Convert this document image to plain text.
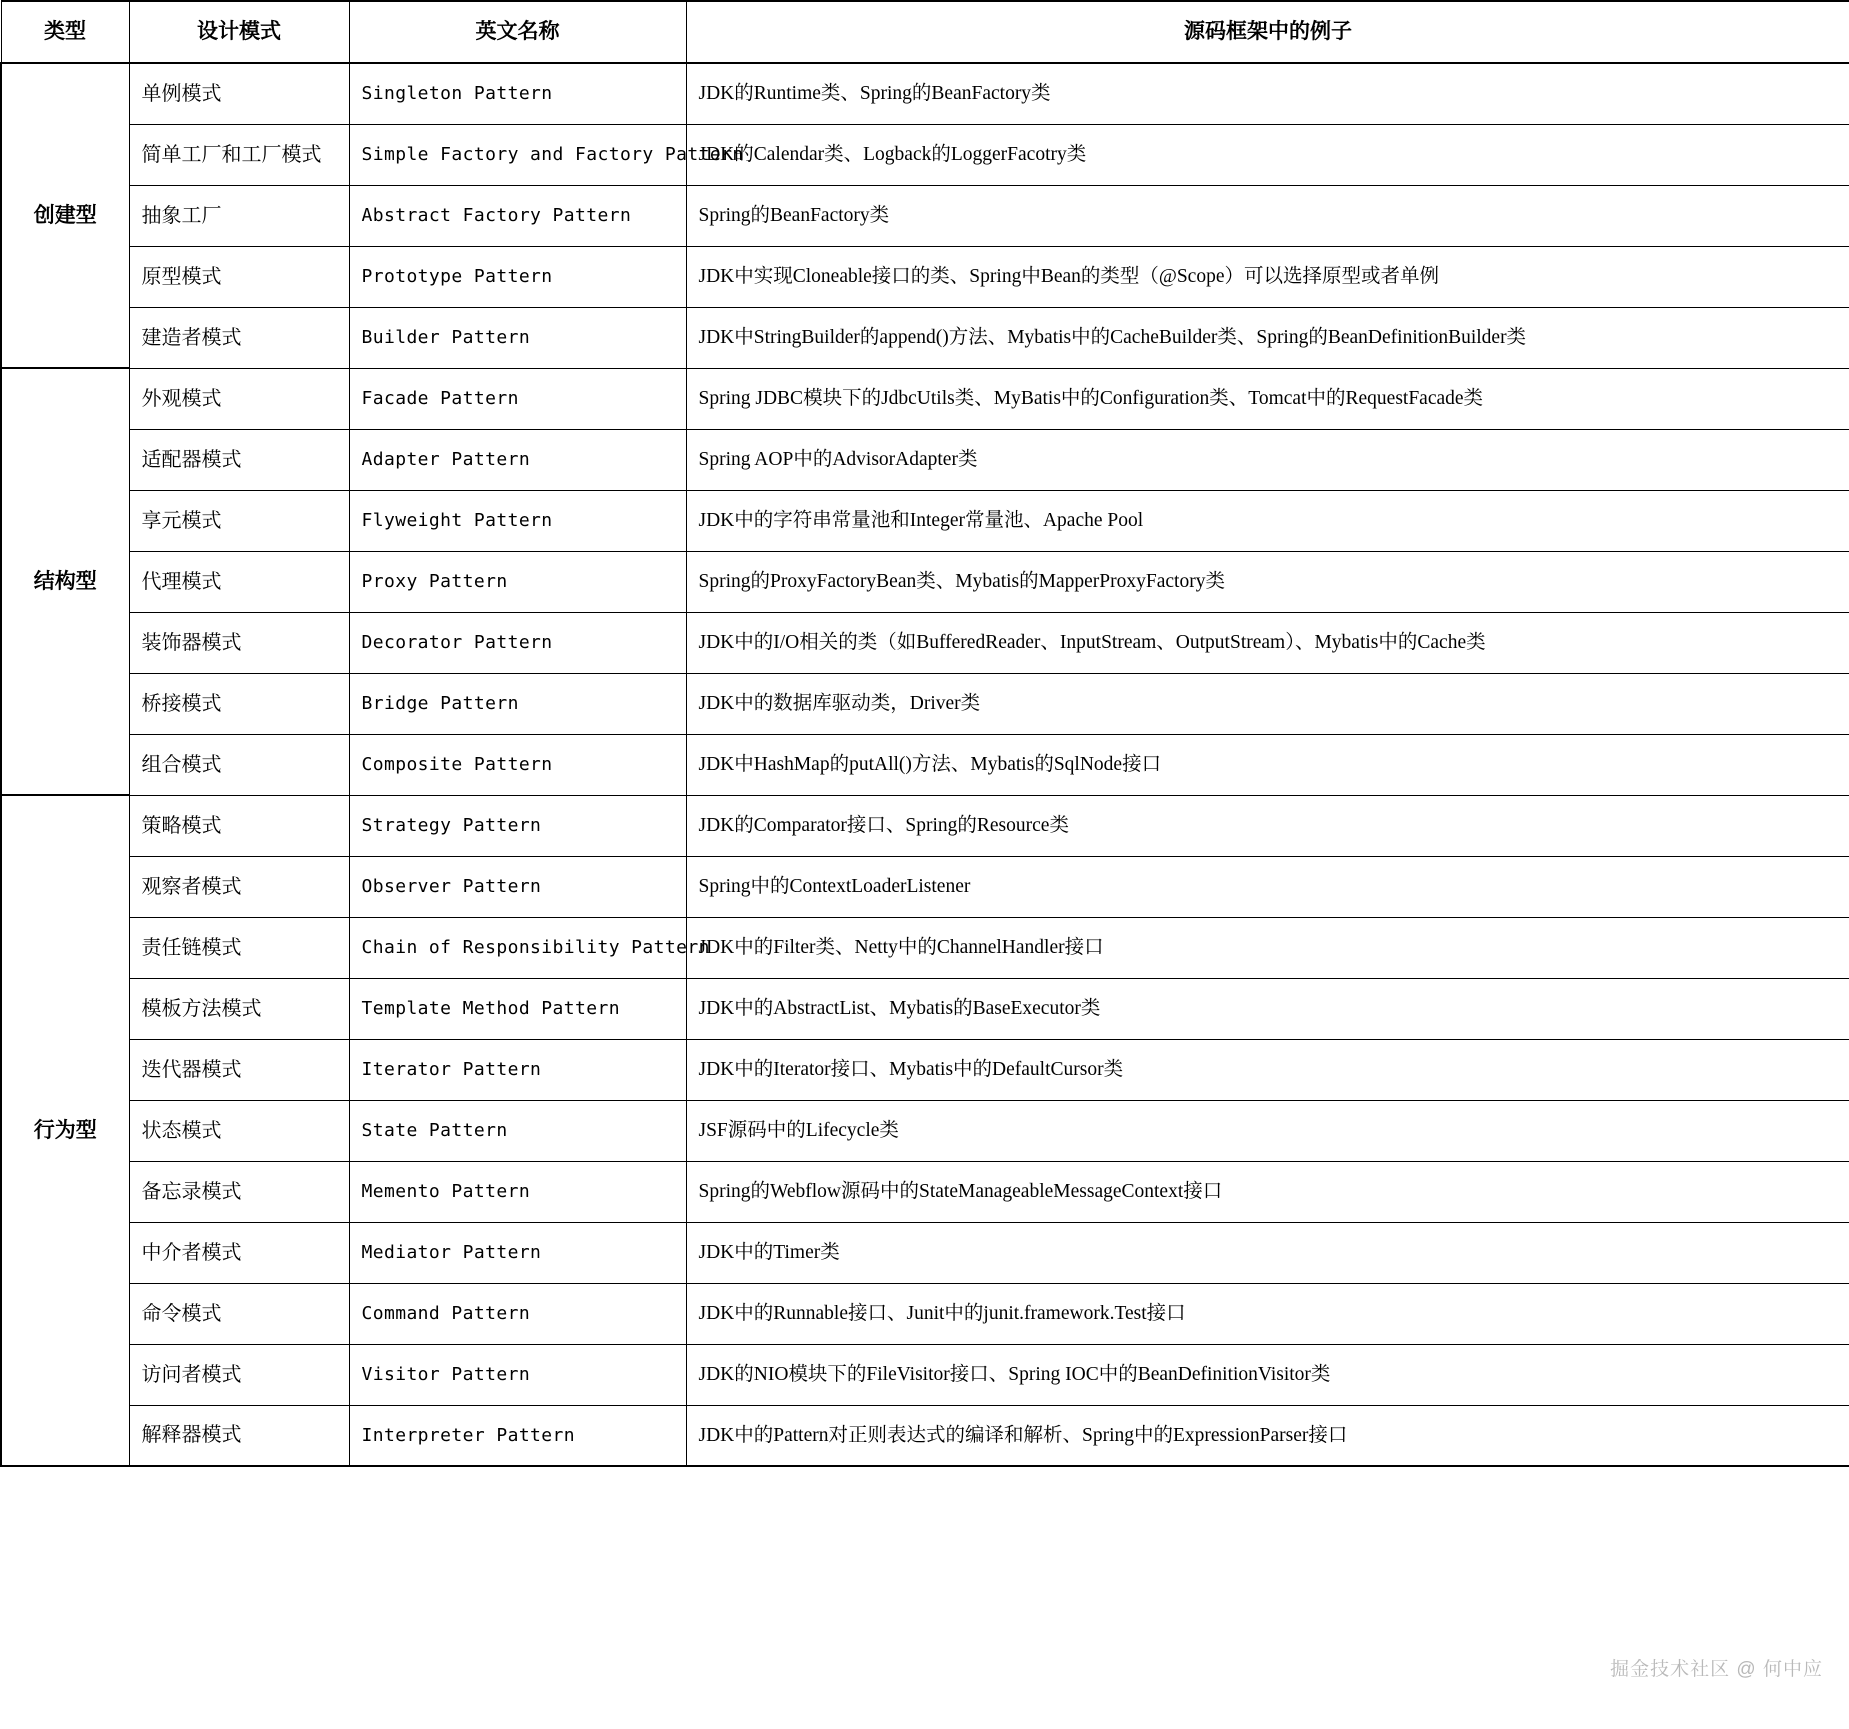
类型	设计模式	英文名称	源码框架中的例子
创建型	单例模式	Singleton Pattern	JDK的Runtime类、Spring的BeanFactory类
	简单工厂和工厂模式	Simple Factory and Factory Pattern	JDK的Calendar类、Logback的LoggerFacotry类
	抽象工厂	Abstract Factory Pattern	Spring的BeanFactory类
	原型模式	Prototype Pattern	JDK中实现Cloneable接口的类、Spring中Bean的类型（@Scope）可以选择原型或者单例
	建造者模式	Builder Pattern	JDK中StringBuilder的append()方法、Mybatis中的CacheBuilder类、Spring的BeanDefinitionBuilder类
结构型	外观模式	Facade Pattern	Spring JDBC模块下的JdbcUtils类、MyBatis中的Configuration类、Tomcat中的RequestFacade类
	适配器模式	Adapter Pattern	Spring AOP中的AdvisorAdapter类
	享元模式	Flyweight Pattern	JDK中的字符串常量池和Integer常量池、Apache Pool
	代理模式	Proxy Pattern	Spring的ProxyFactoryBean类、Mybatis的MapperProxyFactory类
	装饰器模式	Decorator Pattern	JDK中的I/O相关的类（如BufferedReader、InputStream、OutputStream）、Mybatis中的Cache类
	桥接模式	Bridge Pattern	JDK中的数据库驱动类，Driver类
	组合模式	Composite Pattern	JDK中HashMap的putAll()方法、Mybatis的SqlNode接口
行为型	策略模式	Strategy Pattern	JDK的Comparator接口、Spring的Resource类
	观察者模式	Observer Pattern	Spring中的ContextLoaderListener
	责任链模式	Chain of Responsibility Pattern	JDK中的Filter类、Netty中的ChannelHandler接口
	模板方法模式	Template Method Pattern	JDK中的AbstractList、Mybatis的BaseExecutor类
	迭代器模式	Iterator Pattern	JDK中的Iterator接口、Mybatis中的DefaultCursor类
	状态模式	State Pattern	JSF源码中的Lifecycle类
	备忘录模式	Memento Pattern	Spring的Webflow源码中的StateManageableMessageContext接口
	中介者模式	Mediator Pattern	JDK中的Timer类
	命令模式	Command Pattern	JDK中的Runnable接口、Junit中的junit.framework.Test接口
	访问者模式	Visitor Pattern	JDK的NIO模块下的FileVisitor接口、Spring IOC中的BeanDefinitionVisitor类
	解释器模式	Interpreter Pattern	JDK中的Pattern对正则表达式的编译和解析、Spring中的ExpressionParser接口
掘金技术社区 @ 何中应
